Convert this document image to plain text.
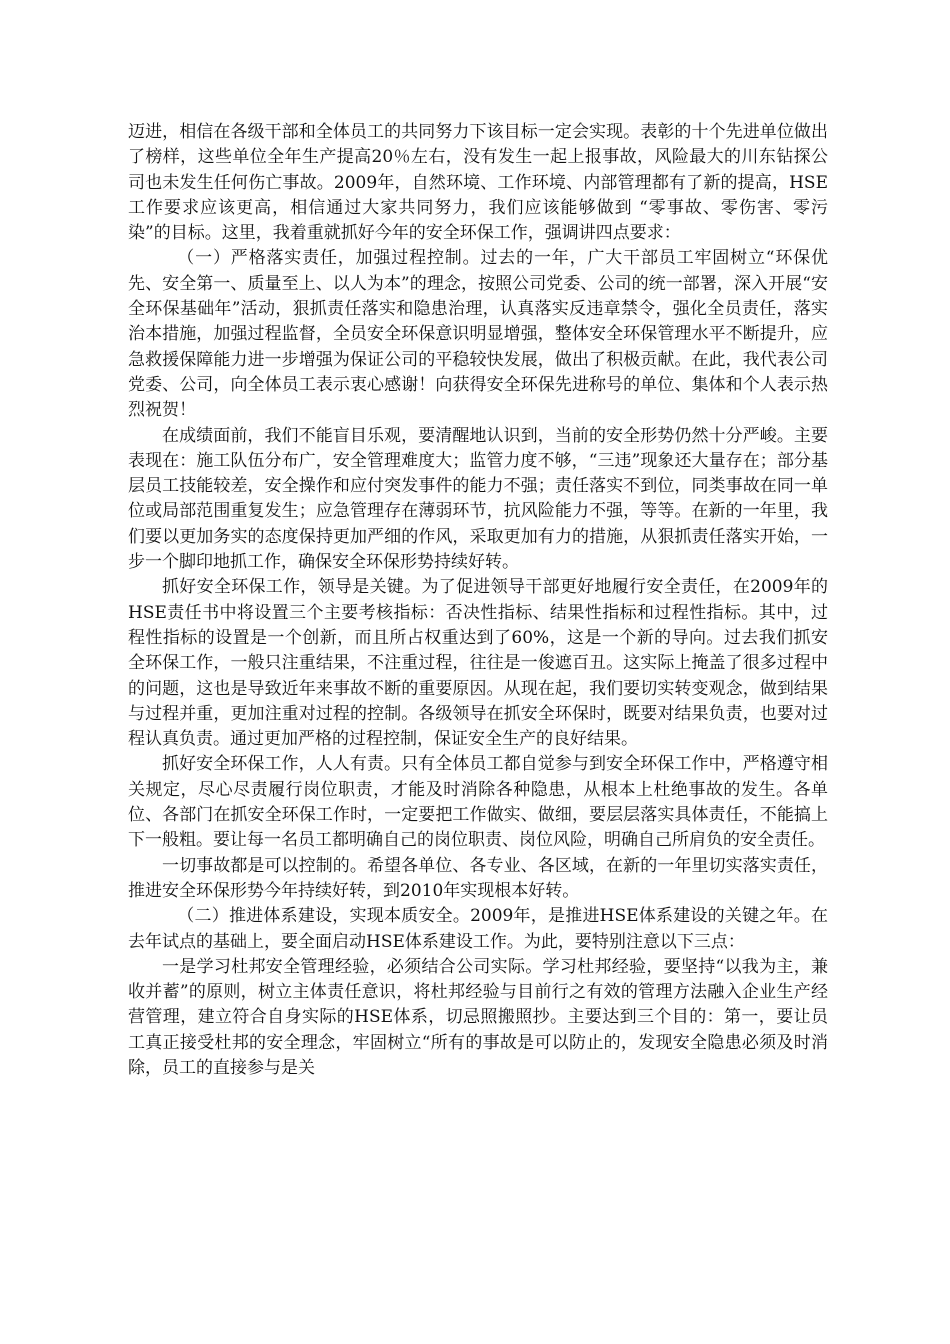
迈进，相信在各级干部和全体员工的共同努力下该目标一定会实现。表彰的十个先进单位做出了榜样，这些单位全年生产提高20％左右，没有发生一起上报事故，风险最大的川东钻探公司也未发生任何伤亡事故。2009年，自然环境、工作环境、内部管理都有了新的提高，HSE工作要求应该更高，相信通过大家共同努力，我们应该能够做到 “零事故、零伤害、零污染”的目标。这里，我着重就抓好今年的安全环保工作，强调讲四点要求：

（一）严格落实责任，加强过程控制。过去的一年，广大干部员工牢固树立“环保优先、安全第一、质量至上、以人为本”的理念，按照公司党委、公司的统一部署，深入开展“安全环保基础年”活动，狠抓责任落实和隐患治理，认真落实反违章禁令，强化全员责任，落实治本措施，加强过程监督，全员安全环保意识明显增强，整体安全环保管理水平不断提升，应急救援保障能力进一步增强为保证公司的平稳较快发展，做出了积极贡献。在此，我代表公司党委、公司，向全体员工表示衷心感谢！向获得安全环保先进称号的单位、集体和个人表示热烈祝贺！

在成绩面前，我们不能盲目乐观，要清醒地认识到，当前的安全形势仍然十分严峻。主要表现在：施工队伍分布广，安全管理难度大；监管力度不够，“三违”现象还大量存在；部分基层员工技能较差，安全操作和应付突发事件的能力不强；责任落实不到位，同类事故在同一单位或局部范围重复发生；应急管理存在薄弱环节，抗风险能力不强，等等。在新的一年里，我们要以更加务实的态度保持更加严细的作风，采取更加有力的措施，从狠抓责任落实开始，一步一个脚印地抓工作，确保安全环保形势持续好转。

抓好安全环保工作，领导是关键。为了促进领导干部更好地履行安全责任，在2009年的HSE责任书中将设置三个主要考核指标：否决性指标、结果性指标和过程性指标。其中，过程性指标的设置是一个创新，而且所占权重达到了60%，这是一个新的导向。过去我们抓安全环保工作，一般只注重结果，不注重过程，往往是一俊遮百丑。这实际上掩盖了很多过程中的问题，这也是导致近年来事故不断的重要原因。从现在起，我们要切实转变观念，做到结果与过程并重，更加注重对过程的控制。各级领导在抓安全环保时，既要对结果负责，也要对过程认真负责。通过更加严格的过程控制，保证安全生产的良好结果。

抓好安全环保工作，人人有责。只有全体员工都自觉参与到安全环保工作中，严格遵守相关规定，尽心尽责履行岗位职责，才能及时消除各种隐患，从根本上杜绝事故的发生。各单位、各部门在抓安全环保工作时，一定要把工作做实、做细，要层层落实具体责任，不能搞上下一般粗。要让每一名员工都明确自己的岗位职责、岗位风险，明确自己所肩负的安全责任。

一切事故都是可以控制的。希望各单位、各专业、各区域，在新的一年里切实落实责任，推进安全环保形势今年持续好转，到2010年实现根本好转。

（二）推进体系建设，实现本质安全。2009年，是推进HSE体系建设的关键之年。在去年试点的基础上，要全面启动HSE体系建设工作。为此，要特别注意以下三点：

一是学习杜邦安全管理经验，必须结合公司实际。学习杜邦经验，要坚持“以我为主，兼收并蓄”的原则，树立主体责任意识，将杜邦经验与目前行之有效的管理方法融入企业生产经营管理，建立符合自身实际的HSE体系，切忌照搬照抄。主要达到三个目的：第一，要让员工真正接受杜邦的安全理念，牢固树立“所有的事故是可以防止的，发现安全隐患必须及时消除，员工的直接参与是关
